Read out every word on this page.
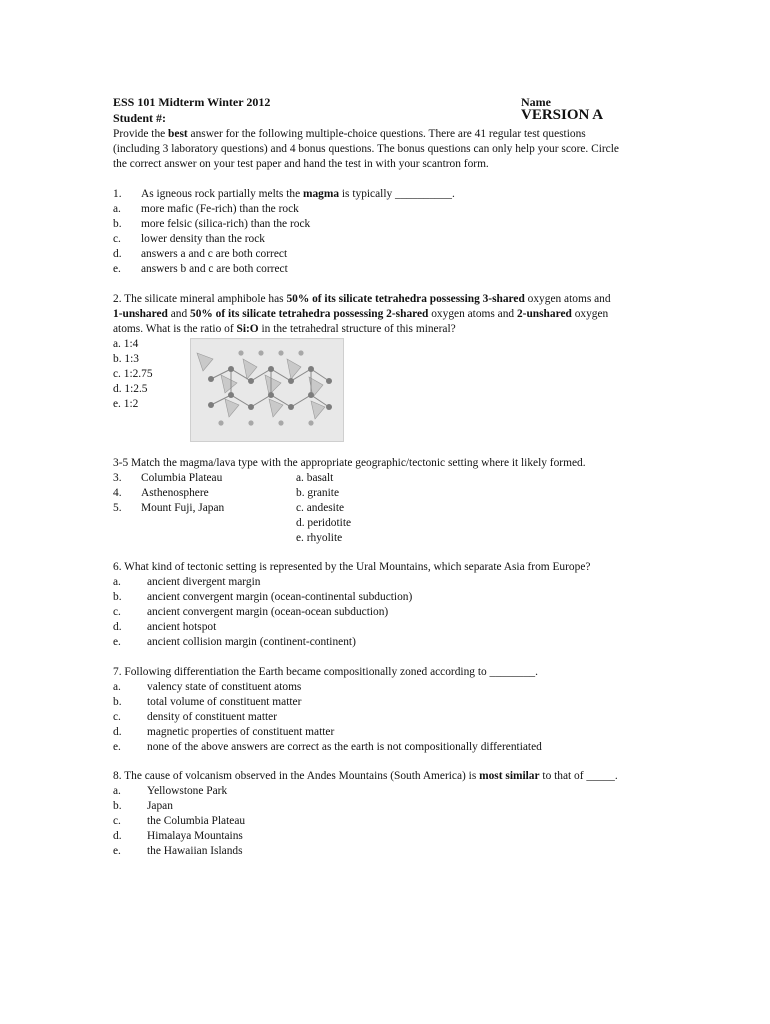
ESS 101 Midterm Winter 2012	Name
Student #:	VERSION A
Provide the best answer for the following multiple-choice questions. There are 41 regular test questions
(including 3 laboratory questions) and 4 bonus questions. The bonus questions can only help your score. Circle
the correct answer on your test paper and hand the test in with your scantron form.
1. As igneous rock partially melts the magma is typically __________.
a. more mafic (Fe-rich) than the rock
b. more felsic (silica-rich) than the rock
c. lower density than the rock
d. answers a and c are both correct
e. answers b and c are both correct
2. The silicate mineral amphibole has 50% of its silicate tetrahedra possessing 3-shared oxygen atoms and
1-unshared and 50% of its silicate tetrahedra possessing 2-shared oxygen atoms and 2-unshared oxygen
atoms. What is the ratio of Si:O in the tetrahedral structure of this mineral?
a. 1:4
b. 1:3
c. 1:2.75
d. 1:2.5
e. 1:2
3-5 Match the magma/lava type with the appropriate geographic/tectonic setting where it likely formed.
3. Columbia Plateau
4. Asthenosphere
5. Mount Fuji, Japan
a. basalt
b. granite
c. andesite
d. peridotite
e. rhyolite
6. What kind of tectonic setting is represented by the Ural Mountains, which separate Asia from Europe?
a. ancient divergent margin
b. ancient convergent margin (ocean-continental subduction)
c. ancient convergent margin (ocean-ocean subduction)
d. ancient hotspot
e. ancient collision margin (continent-continent)
7. Following differentiation the Earth became compositionally zoned according to ________.
a. valency state of constituent atoms
b. total volume of constituent matter
c. density of constituent matter
d. magnetic properties of constituent matter
e. none of the above answers are correct as the earth is not compositionally differentiated
8. The cause of volcanism observed in the Andes Mountains (South America) is most similar to that of _____.
a. Yellowstone Park
b. Japan
c. the Columbia Plateau
d. Himalaya Mountains
e. the Hawaiian Islands
